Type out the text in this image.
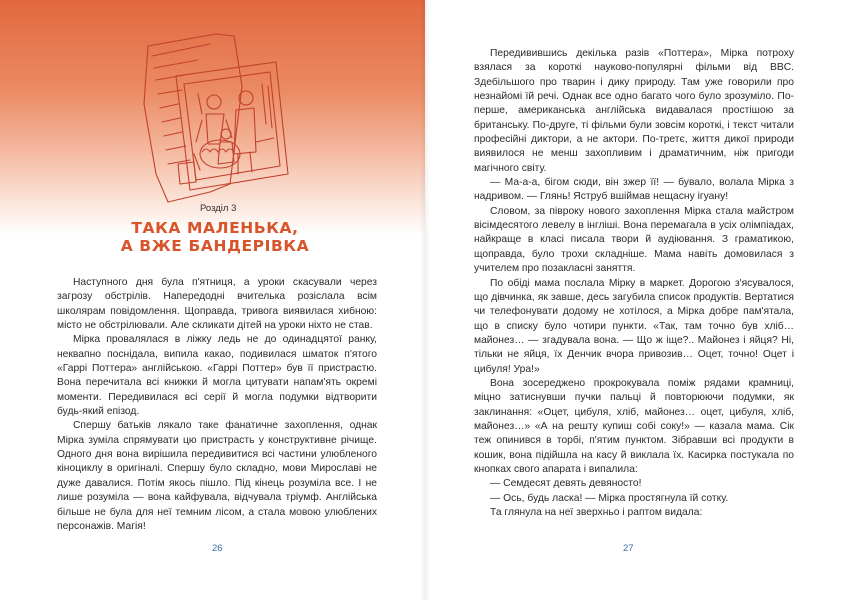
Розділ 3
ТАКА МАЛЕНЬКА,
А ВЖЕ БАНДЕРІВКА

Наступного дня була п'ятниця, а уроки скасували через загрозу обстрілів. Напередодні вчителька розіслала всім школярам повідомлення. Щоправда, тривога виявилася хибною: місто не обстрілювали. Але скликати дітей на уроки ніхто не став.

Мірка провалялася в ліжку ледь не до одинадцятої ранку, неквапно поснідала, випила какао, подивилася шматок п'ятого «Гаррі Поттера» англійською. «Гаррі Поттер» був її пристрастю. Вона перечитала всі книжки й могла цитувати напам'ять окремі моменти. Передивилася всі серії й могла подумки відтворити будь-який епізод.

Спершу батьків лякало таке фанатичне захоплення, однак Мірка зуміла спрямувати цю пристрасть у конструктивне річище. Одного дня вона вирішила передивитися всі частини улюбленого кіноциклу в оригіналі. Спершу було складно, мови Мирославі не дуже давалися. Потім якось пішло. Під кінець розуміла все. І не лише розуміла — вона кайфувала, відчувала тріумф. Англійська більше не була для неї темним лісом, а стала мовою улюблених персонажів. Магія!

26

Передивившись декілька разів «Поттера», Мірка потроху взялася за короткі науково-популярні фільми від BBC. Здебільшого про тварин і дику природу. Там уже говорили про незнайомі їй речі. Однак все одно багато чого було зрозуміло. По-перше, американська англійська видавалася простішою за британську. По-друге, ті фільми були зовсім короткі, і текст читали професійні диктори, а не актори. По-третє, життя дикої природи виявилося не менш захопливим і драматичним, ніж пригоди магічного світу.

— Ма-а-а, бігом сюди, він зжер її! — бувало, волала Мірка з надривом. — Глянь! Яструб вшіймав нещасну ігуану!

Словом, за півроку нового захоплення Мірка стала майстром вісімдесятого левелу в інгліші. Вона перемагала в усіх олімпіадах, найкраще в класі писала твори й аудіювання. З граматикою, щоправда, було трохи складніше. Мама навіть домовилася з учителем про позакласні заняття.

По обіді мама послала Мірку в маркет. Дорогою з'ясувалося, що дівчинка, як завше, десь загубила список продуктів. Вертатися чи телефонувати додому не хотілося, а Мірка добре пам'ятала, що в списку було чотири пункти. «Так, там точно був хліб… майонез… — згадувала вона. — Що ж іще?.. Майонез і яйця? Ні, тільки не яйця, їх Денчик вчора привозив… Оцет, точно! Оцет і цибуля! Ура!»

Вона зосереджено прокрокувала поміж рядами крамниці, міцно затиснувши пучки пальці й повторюючи подумки, як заклинання: «Оцет, цибуля, хліб, майонез… оцет, цибуля, хліб, майонез…» «А на решту купиш собі соку!» — казала мама. Сік теж опинився в торбі, п'ятим пунктом. Зібравши всі продукти в кошик, вона підійшла на касу й виклала їх. Касирка постукала по кнопках свого апарата і випалила:

— Семдесят девять девяносто!

— Ось, будь ласка! — Мірка простягнула їй сотку.

Та глянула на неї зверхньо і раптом видала:

27
